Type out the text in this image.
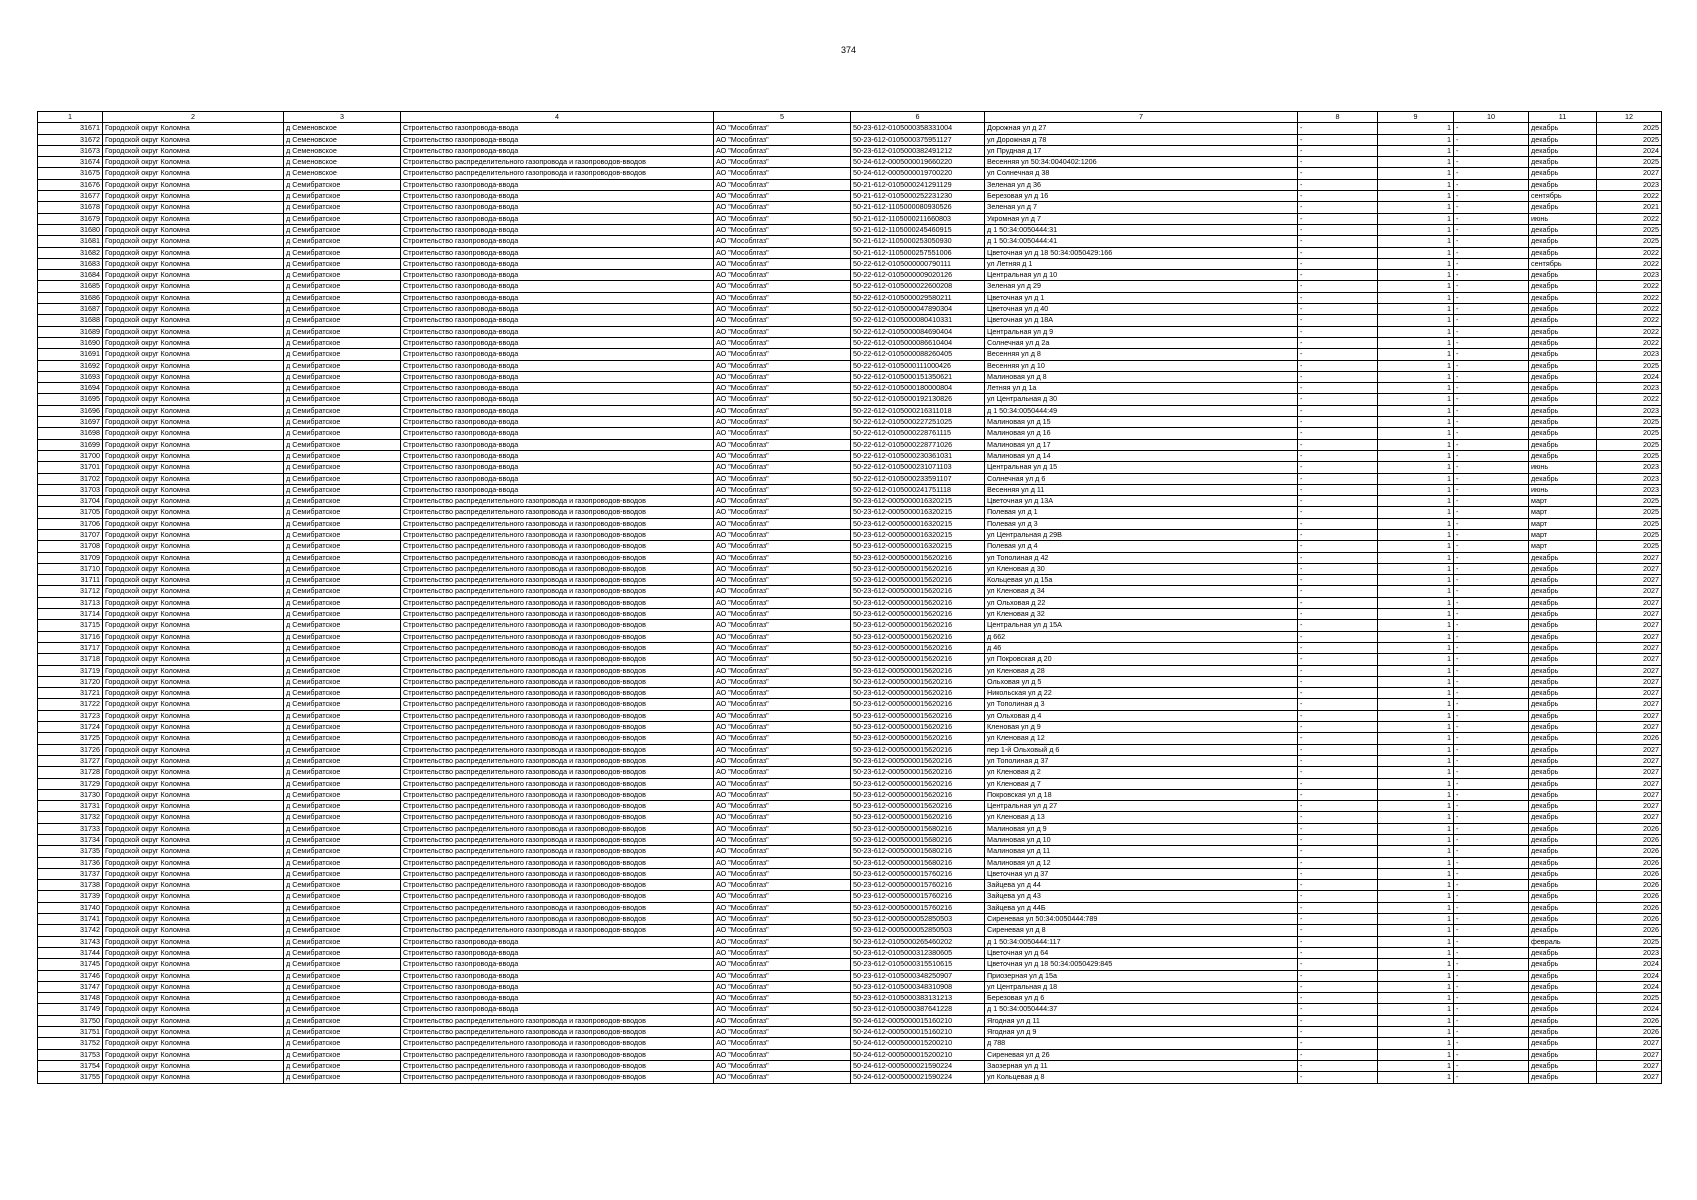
374
1	2	3	4	5	6	7	8	9	10	11	12
31671	Городской округ Коломна	д Семеновское	Строительство газопровода-ввода	АО "Мособлгаз"	50-23-612-0105000358331004	Дорожная ул д 27	-	1	-	декабрь	2025
31672	Городской округ Коломна	д Семеновское	Строительство газопровода-ввода	АО "Мособлгаз"	50-23-612-0105000375951127	ул Дорожная д 78	-	1	-	декабрь	2025
31673	Городской округ Коломна	д Семеновское	Строительство газопровода-ввода	АО "Мособлгаз"	50-23-612-0105000382491212	ул Прудная д 17	-	1	-	декабрь	2024
31674	Городской округ Коломна	д Семеновское	Строительство распределительного газопровода и газопроводов-вводов	АО "Мособлгаз"	50-24-612-0005000019660220	Весенняя ул 50:34:0040402:1206	-	1	-	декабрь	2025
31675	Городской округ Коломна	д Семеновское	Строительство распределительного газопровода и газопроводов-вводов	АО "Мособлгаз"	50-24-612-0005000019700220	ул Солнечная д 38	-	1	-	декабрь	2027
31676	Городской округ Коломна	д Семибратское	Строительство газопровода-ввода	АО "Мособлгаз"	50-21-612-0105000241291129	Зеленая ул д 36	-	1	-	декабрь	2023
31677	Городской округ Коломна	д Семибратское	Строительство газопровода-ввода	АО "Мособлгаз"	50-21-612-0105000252231230	Березовая ул д 16	-	1	-	сентябрь	2022
31678	Городской округ Коломна	д Семибратское	Строительство газопровода-ввода	АО "Мособлгаз"	50-21-612-1105000080930526	Зеленая ул д 7	-	1	-	декабрь	2021
31679	Городской округ Коломна	д Семибратское	Строительство газопровода-ввода	АО "Мособлгаз"	50-21-612-1105000211660803	Укромная ул д 7	-	1	-	июнь	2022
31680	Городской округ Коломна	д Семибратское	Строительство газопровода-ввода	АО "Мособлгаз"	50-21-612-1105000245460915	д 1 50:34:0050444:31	-	1	-	декабрь	2025
31681	Городской округ Коломна	д Семибратское	Строительство газопровода-ввода	АО "Мособлгаз"	50-21-612-1105000253050930	д 1 50:34:0050444:41	-	1	-	декабрь	2025
31682	Городской округ Коломна	д Семибратское	Строительство газопровода-ввода	АО "Мособлгаз"	50-21-612-1105000257551006	Цветочная ул д 18 50:34:0050429:166	-	1	-	декабрь	2022
31683	Городской округ Коломна	д Семибратское	Строительство газопровода-ввода	АО "Мособлгаз"	50-22-612-0105000000790111	ул Летняя д 1	-	1	-	сентябрь	2022
31684	Городской округ Коломна	д Семибратское	Строительство газопровода-ввода	АО "Мособлгаз"	50-22-612-0105000009020126	Центральная ул д 10	-	1	-	декабрь	2023
31685	Городской округ Коломна	д Семибратское	Строительство газопровода-ввода	АО "Мособлгаз"	50-22-612-0105000022600208	Зеленая ул д 29	-	1	-	декабрь	2022
31686	Городской округ Коломна	д Семибратское	Строительство газопровода-ввода	АО "Мособлгаз"	50-22-612-0105000029580211	Цветочная ул д 1	-	1	-	декабрь	2022
31687	Городской округ Коломна	д Семибратское	Строительство газопровода-ввода	АО "Мособлгаз"	50-22-612-0105000047890304	Цветочная ул д 40	-	1	-	декабрь	2022
31688	Городской округ Коломна	д Семибратское	Строительство газопровода-ввода	АО "Мособлгаз"	50-22-612-0105000080410331	Цветочная ул д 18А	-	1	-	декабрь	2022
31689	Городской округ Коломна	д Семибратское	Строительство газопровода-ввода	АО "Мособлгаз"	50-22-612-0105000084690404	Центральная ул д 9	-	1	-	декабрь	2022
31690	Городской округ Коломна	д Семибратское	Строительство газопровода-ввода	АО "Мособлгаз"	50-22-612-0105000086610404	Солнечная ул д 2а	-	1	-	декабрь	2022
31691	Городской округ Коломна	д Семибратское	Строительство газопровода-ввода	АО "Мособлгаз"	50-22-612-0105000088260405	Весенняя ул д 8	-	1	-	декабрь	2023
31692	Городской округ Коломна	д Семибратское	Строительство газопровода-ввода	АО "Мособлгаз"	50-22-612-0105000111000426	Весенняя ул д 10	-	1	-	декабрь	2025
31693	Городской округ Коломна	д Семибратское	Строительство газопровода-ввода	АО "Мособлгаз"	50-22-612-0105000151350621	Малиновая ул д 8	-	1	-	декабрь	2024
31694	Городской округ Коломна	д Семибратское	Строительство газопровода-ввода	АО "Мособлгаз"	50-22-612-0105000180000804	Летняя ул д 1а	-	1	-	декабрь	2023
31695	Городской округ Коломна	д Семибратское	Строительство газопровода-ввода	АО "Мособлгаз"	50-22-612-0105000192130826	ул Центральная д 30	-	1	-	декабрь	2022
31696	Городской округ Коломна	д Семибратское	Строительство газопровода-ввода	АО "Мособлгаз"	50-22-612-0105000216311018	д 1 50:34:0050444:49	-	1	-	декабрь	2023
31697	Городской округ Коломна	д Семибратское	Строительство газопровода-ввода	АО "Мособлгаз"	50-22-612-0105000227251025	Малиновая ул д 15	-	1	-	декабрь	2025
31698	Городской округ Коломна	д Семибратское	Строительство газопровода-ввода	АО "Мособлгаз"	50-22-612-0105000228761115	Малиновая ул д 16	-	1	-	декабрь	2025
31699	Городской округ Коломна	д Семибратское	Строительство газопровода-ввода	АО "Мособлгаз"	50-22-612-0105000228771026	Малиновая ул д 17	-	1	-	декабрь	2025
31700	Городской округ Коломна	д Семибратское	Строительство газопровода-ввода	АО "Мособлгаз"	50-22-612-0105000230361031	Малиновая ул д 14	-	1	-	декабрь	2025
31701	Городской округ Коломна	д Семибратское	Строительство газопровода-ввода	АО "Мособлгаз"	50-22-612-0105000231071103	Центральная ул д 15	-	1	-	июнь	2023
31702	Городской округ Коломна	д Семибратское	Строительство газопровода-ввода	АО "Мособлгаз"	50-22-612-0105000233591107	Солнечная ул д 6	-	1	-	декабрь	2023
31703	Городской округ Коломна	д Семибратское	Строительство газопровода-ввода	АО "Мособлгаз"	50-22-612-0105000241751118	Весенняя ул д 11	-	1	-	июнь	2023
31704	Городской округ Коломна	д Семибратское	Строительство распределительного газопровода и газопроводов-вводов	АО "Мособлгаз"	50-23-612-0005000016320215	Цветочная ул д 13А	-	1	-	март	2025
31705	Городской округ Коломна	д Семибратское	Строительство распределительного газопровода и газопроводов-вводов	АО "Мособлгаз"	50-23-612-0005000016320215	Полевая ул д 1	-	1	-	март	2025
31706	Городской округ Коломна	д Семибратское	Строительство распределительного газопровода и газопроводов-вводов	АО "Мособлгаз"	50-23-612-0005000016320215	Полевая ул д 3	-	1	-	март	2025
31707	Городской округ Коломна	д Семибратское	Строительство распределительного газопровода и газопроводов-вводов	АО "Мособлгаз"	50-23-612-0005000016320215	ул Центральная д 29В	-	1	-	март	2025
31708	Городской округ Коломна	д Семибратское	Строительство распределительного газопровода и газопроводов-вводов	АО "Мособлгаз"	50-23-612-0005000016320215	Полевая ул д 4	-	1	-	март	2025
31709	Городской округ Коломна	д Семибратское	Строительство распределительного газопровода и газопроводов-вводов	АО "Мособлгаз"	50-23-612-0005000015620216	ул Тополиная д 42	-	1	-	декабрь	2027
31710	Городской округ Коломна	д Семибратское	Строительство распределительного газопровода и газопроводов-вводов	АО "Мособлгаз"	50-23-612-0005000015620216	ул Кленовая д 30	-	1	-	декабрь	2027
31711	Городской округ Коломна	д Семибратское	Строительство распределительного газопровода и газопроводов-вводов	АО "Мособлгаз"	50-23-612-0005000015620216	Кольцевая ул д 15а	-	1	-	декабрь	2027
31712	Городской округ Коломна	д Семибратское	Строительство распределительного газопровода и газопроводов-вводов	АО "Мособлгаз"	50-23-612-0005000015620216	ул Кленовая д 34	-	1	-	декабрь	2027
31713	Городской округ Коломна	д Семибратское	Строительство распределительного газопровода и газопроводов-вводов	АО "Мособлгаз"	50-23-612-0005000015620216	ул Ольховая д 22	-	1	-	декабрь	2027
31714	Городской округ Коломна	д Семибратское	Строительство распределительного газопровода и газопроводов-вводов	АО "Мособлгаз"	50-23-612-0005000015620216	ул Кленовая д 32	-	1	-	декабрь	2027
31715	Городской округ Коломна	д Семибратское	Строительство распределительного газопровода и газопроводов-вводов	АО "Мособлгаз"	50-23-612-0005000015620216	Центральная ул д 15А	-	1	-	декабрь	2027
31716	Городской округ Коломна	д Семибратское	Строительство распределительного газопровода и газопроводов-вводов	АО "Мособлгаз"	50-23-612-0005000015620216	д 662	-	1	-	декабрь	2027
31717	Городской округ Коломна	д Семибратское	Строительство распределительного газопровода и газопроводов-вводов	АО "Мособлгаз"	50-23-612-0005000015620216	д 46	-	1	-	декабрь	2027
31718	Городской округ Коломна	д Семибратское	Строительство распределительного газопровода и газопроводов-вводов	АО "Мособлгаз"	50-23-612-0005000015620216	ул Покровская д 20	-	1	-	декабрь	2027
31719	Городской округ Коломна	д Семибратское	Строительство распределительного газопровода и газопроводов-вводов	АО "Мособлгаз"	50-23-612-0005000015620216	ул Кленовая д 28	-	1	-	декабрь	2027
31720	Городской округ Коломна	д Семибратское	Строительство распределительного газопровода и газопроводов-вводов	АО "Мособлгаз"	50-23-612-0005000015620216	Ольховая ул д 5	-	1	-	декабрь	2027
31721	Городской округ Коломна	д Семибратское	Строительство распределительного газопровода и газопроводов-вводов	АО "Мособлгаз"	50-23-612-0005000015620216	Никольская ул д 22	-	1	-	декабрь	2027
31722	Городской округ Коломна	д Семибратское	Строительство распределительного газопровода и газопроводов-вводов	АО "Мособлгаз"	50-23-612-0005000015620216	ул Тополиная д 3	-	1	-	декабрь	2027
31723	Городской округ Коломна	д Семибратское	Строительство распределительного газопровода и газопроводов-вводов	АО "Мособлгаз"	50-23-612-0005000015620216	ул Ольховая д 4	-	1	-	декабрь	2027
31724	Городской округ Коломна	д Семибратское	Строительство распределительного газопровода и газопроводов-вводов	АО "Мособлгаз"	50-23-612-0005000015620216	Кленовая ул д 9	-	1	-	декабрь	2027
31725	Городской округ Коломна	д Семибратское	Строительство распределительного газопровода и газопроводов-вводов	АО "Мособлгаз"	50-23-612-0005000015620216	ул Кленовая д 12	-	1	-	декабрь	2026
31726	Городской округ Коломна	д Семибратское	Строительство распределительного газопровода и газопроводов-вводов	АО "Мособлгаз"	50-23-612-0005000015620216	пер 1-й Ольховый д 6	-	1	-	декабрь	2027
31727	Городской округ Коломна	д Семибратское	Строительство распределительного газопровода и газопроводов-вводов	АО "Мособлгаз"	50-23-612-0005000015620216	ул Тополиная д 37	-	1	-	декабрь	2027
31728	Городской округ Коломна	д Семибратское	Строительство распределительного газопровода и газопроводов-вводов	АО "Мособлгаз"	50-23-612-0005000015620216	ул Кленовая д 2	-	1	-	декабрь	2027
31729	Городской округ Коломна	д Семибратское	Строительство распределительного газопровода и газопроводов-вводов	АО "Мособлгаз"	50-23-612-0005000015620216	ул Кленовая д 7	-	1	-	декабрь	2027
31730	Городской округ Коломна	д Семибратское	Строительство распределительного газопровода и газопроводов-вводов	АО "Мособлгаз"	50-23-612-0005000015620216	Покровская ул д 18	-	1	-	декабрь	2027
31731	Городской округ Коломна	д Семибратское	Строительство распределительного газопровода и газопроводов-вводов	АО "Мособлгаз"	50-23-612-0005000015620216	Центральная ул д 27	-	1	-	декабрь	2027
31732	Городской округ Коломна	д Семибратское	Строительство распределительного газопровода и газопроводов-вводов	АО "Мособлгаз"	50-23-612-0005000015620216	ул Кленовая д 13	-	1	-	декабрь	2027
31733	Городской округ Коломна	д Семибратское	Строительство распределительного газопровода и газопроводов-вводов	АО "Мособлгаз"	50-23-612-0005000015680216	Малиновая ул д 9	-	1	-	декабрь	2026
31734	Городской округ Коломна	д Семибратское	Строительство распределительного газопровода и газопроводов-вводов	АО "Мособлгаз"	50-23-612-0005000015680216	Малиновая ул д 10	-	1	-	декабрь	2026
31735	Городской округ Коломна	д Семибратское	Строительство распределительного газопровода и газопроводов-вводов	АО "Мособлгаз"	50-23-612-0005000015680216	Малиновая ул д 11	-	1	-	декабрь	2026
31736	Городской округ Коломна	д Семибратское	Строительство распределительного газопровода и газопроводов-вводов	АО "Мособлгаз"	50-23-612-0005000015680216	Малиновая ул д 12	-	1	-	декабрь	2026
31737	Городской округ Коломна	д Семибратское	Строительство распределительного газопровода и газопроводов-вводов	АО "Мособлгаз"	50-23-612-0005000015760216	Цветочная ул д 37	-	1	-	декабрь	2026
31738	Городской округ Коломна	д Семибратское	Строительство распределительного газопровода и газопроводов-вводов	АО "Мособлгаз"	50-23-612-0005000015760216	Зайцева ул д 44	-	1	-	декабрь	2026
31739	Городской округ Коломна	д Семибратское	Строительство распределительного газопровода и газопроводов-вводов	АО "Мособлгаз"	50-23-612-0005000015760216	Зайцева ул д 43	-	1	-	декабрь	2026
31740	Городской округ Коломна	д Семибратское	Строительство распределительного газопровода и газопроводов-вводов	АО "Мособлгаз"	50-23-612-0005000015760216	Зайцева ул д 44Б	-	1	-	декабрь	2026
31741	Городской округ Коломна	д Семибратское	Строительство распределительного газопровода и газопроводов-вводов	АО "Мособлгаз"	50-23-612-0005000052850503	Сиреневая ул 50:34:0050444:789	-	1	-	декабрь	2026
31742	Городской округ Коломна	д Семибратское	Строительство распределительного газопровода и газопроводов-вводов	АО "Мособлгаз"	50-23-612-0005000052850503	Сиреневая ул д 8	-	1	-	декабрь	2026
31743	Городской округ Коломна	д Семибратское	Строительство газопровода-ввода	АО "Мособлгаз"	50-23-612-0105000265460202	д 1 50:34:0050444:117	-	1	-	февраль	2025
31744	Городской округ Коломна	д Семибратское	Строительство газопровода-ввода	АО "Мособлгаз"	50-23-612-0105000312380605	Цветочная ул д 64	-	1	-	декабрь	2023
31745	Городской округ Коломна	д Семибратское	Строительство газопровода-ввода	АО "Мособлгаз"	50-23-612-0105000315510615	Цветочная ул д 18 50:34:0050429:845	-	1	-	декабрь	2024
31746	Городской округ Коломна	д Семибратское	Строительство газопровода-ввода	АО "Мособлгаз"	50-23-612-0105000348250907	Приозерная ул д 15а	-	1	-	декабрь	2024
31747	Городской округ Коломна	д Семибратское	Строительство газопровода-ввода	АО "Мособлгаз"	50-23-612-0105000348310908	ул Центральная д 18	-	1	-	декабрь	2024
31748	Городской округ Коломна	д Семибратское	Строительство газопровода-ввода	АО "Мособлгаз"	50-23-612-0105000383131213	Березовая ул д 6	-	1	-	декабрь	2025
31749	Городской округ Коломна	д Семибратское	Строительство газопровода-ввода	АО "Мособлгаз"	50-23-612-0105000387641228	д 1 50:34:0050444:37	-	1	-	декабрь	2024
31750	Городской округ Коломна	д Семибратское	Строительство распределительного газопровода и газопроводов-вводов	АО "Мособлгаз"	50-24-612-0005000015160210	Ягодная ул д 11	-	1	-	декабрь	2026
31751	Городской округ Коломна	д Семибратское	Строительство распределительного газопровода и газопроводов-вводов	АО "Мособлгаз"	50-24-612-0005000015160210	Ягодная ул д 9	-	1	-	декабрь	2026
31752	Городской округ Коломна	д Семибратское	Строительство распределительного газопровода и газопроводов-вводов	АО "Мособлгаз"	50-24-612-0005000015200210	д 788	-	1	-	декабрь	2027
31753	Городской округ Коломна	д Семибратское	Строительство распределительного газопровода и газопроводов-вводов	АО "Мособлгаз"	50-24-612-0005000015200210	Сиреневая ул д 26	-	1	-	декабрь	2027
31754	Городской округ Коломна	д Семибратское	Строительство распределительного газопровода и газопроводов-вводов	АО "Мособлгаз"	50-24-612-0005000021590224	Заозерная ул д 11	-	1	-	декабрь	2027
31755	Городской округ Коломна	д Семибратское	Строительство распределительного газопровода и газопроводов-вводов	АО "Мособлгаз"	50-24-612-0005000021590224	ул Кольцевая д 8	-	1	-	декабрь	2027
